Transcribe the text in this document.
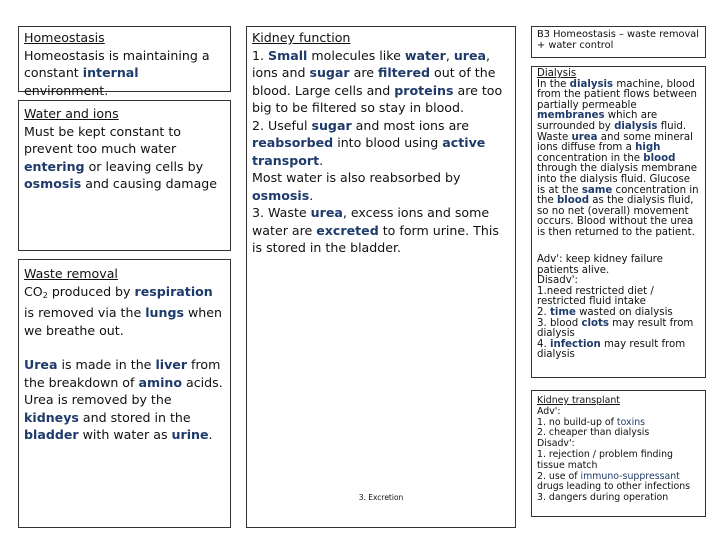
Homeostasis

Homeostasis is maintaining a constant internal environment.

Water and ions

Must be kept constant to prevent too much water entering or leaving cells by osmosis and causing damage

Waste removal

$CO_2$ produced by respiration is removed via the lungs when we breathe out.

Urea is made in the liver from the breakdown of amino acids. Urea is removed by the kidneys and stored in the bladder with water as urine.

Kidney function

1. Small molecules like water, urea, ions and sugar are filtered out of the blood. Large cells and proteins are too big to be filtered so stay in blood.

2. Useful sugar and most ions are reabsorbed into blood using active transport.

Most water is also reabsorbed by osmosis.

3. Waste urea, excess ions and some water are excreted to form urine. This is stored in the bladder.

3. Excretion

B3 Homeostasis – waste removal + water control

Dialysis

In the dialysis machine, blood from the patient flows between partially permeable membranes which are surrounded by dialysis fluid. Waste urea and some mineral ions diffuse from a high concentration in the blood through the dialysis membrane into the dialysis fluid. Glucose is at the same concentration in the blood as the dialysis fluid, so no net (overall) movement occurs. Blood without the urea is then returned to the patient.

Adv': keep kidney failure patients alive.

Disadv':

1.need restricted diet / restricted fluid intake

2. time wasted on dialysis

3. blood clots may result from dialysis

4. infection may result from dialysis

Kidney transplant

Adv':

1. no build-up of toxins

2. cheaper than dialysis

Disadv':

1. rejection / problem finding tissue match

2. use of immuno-suppressant drugs leading to other infections

3. dangers during operation
